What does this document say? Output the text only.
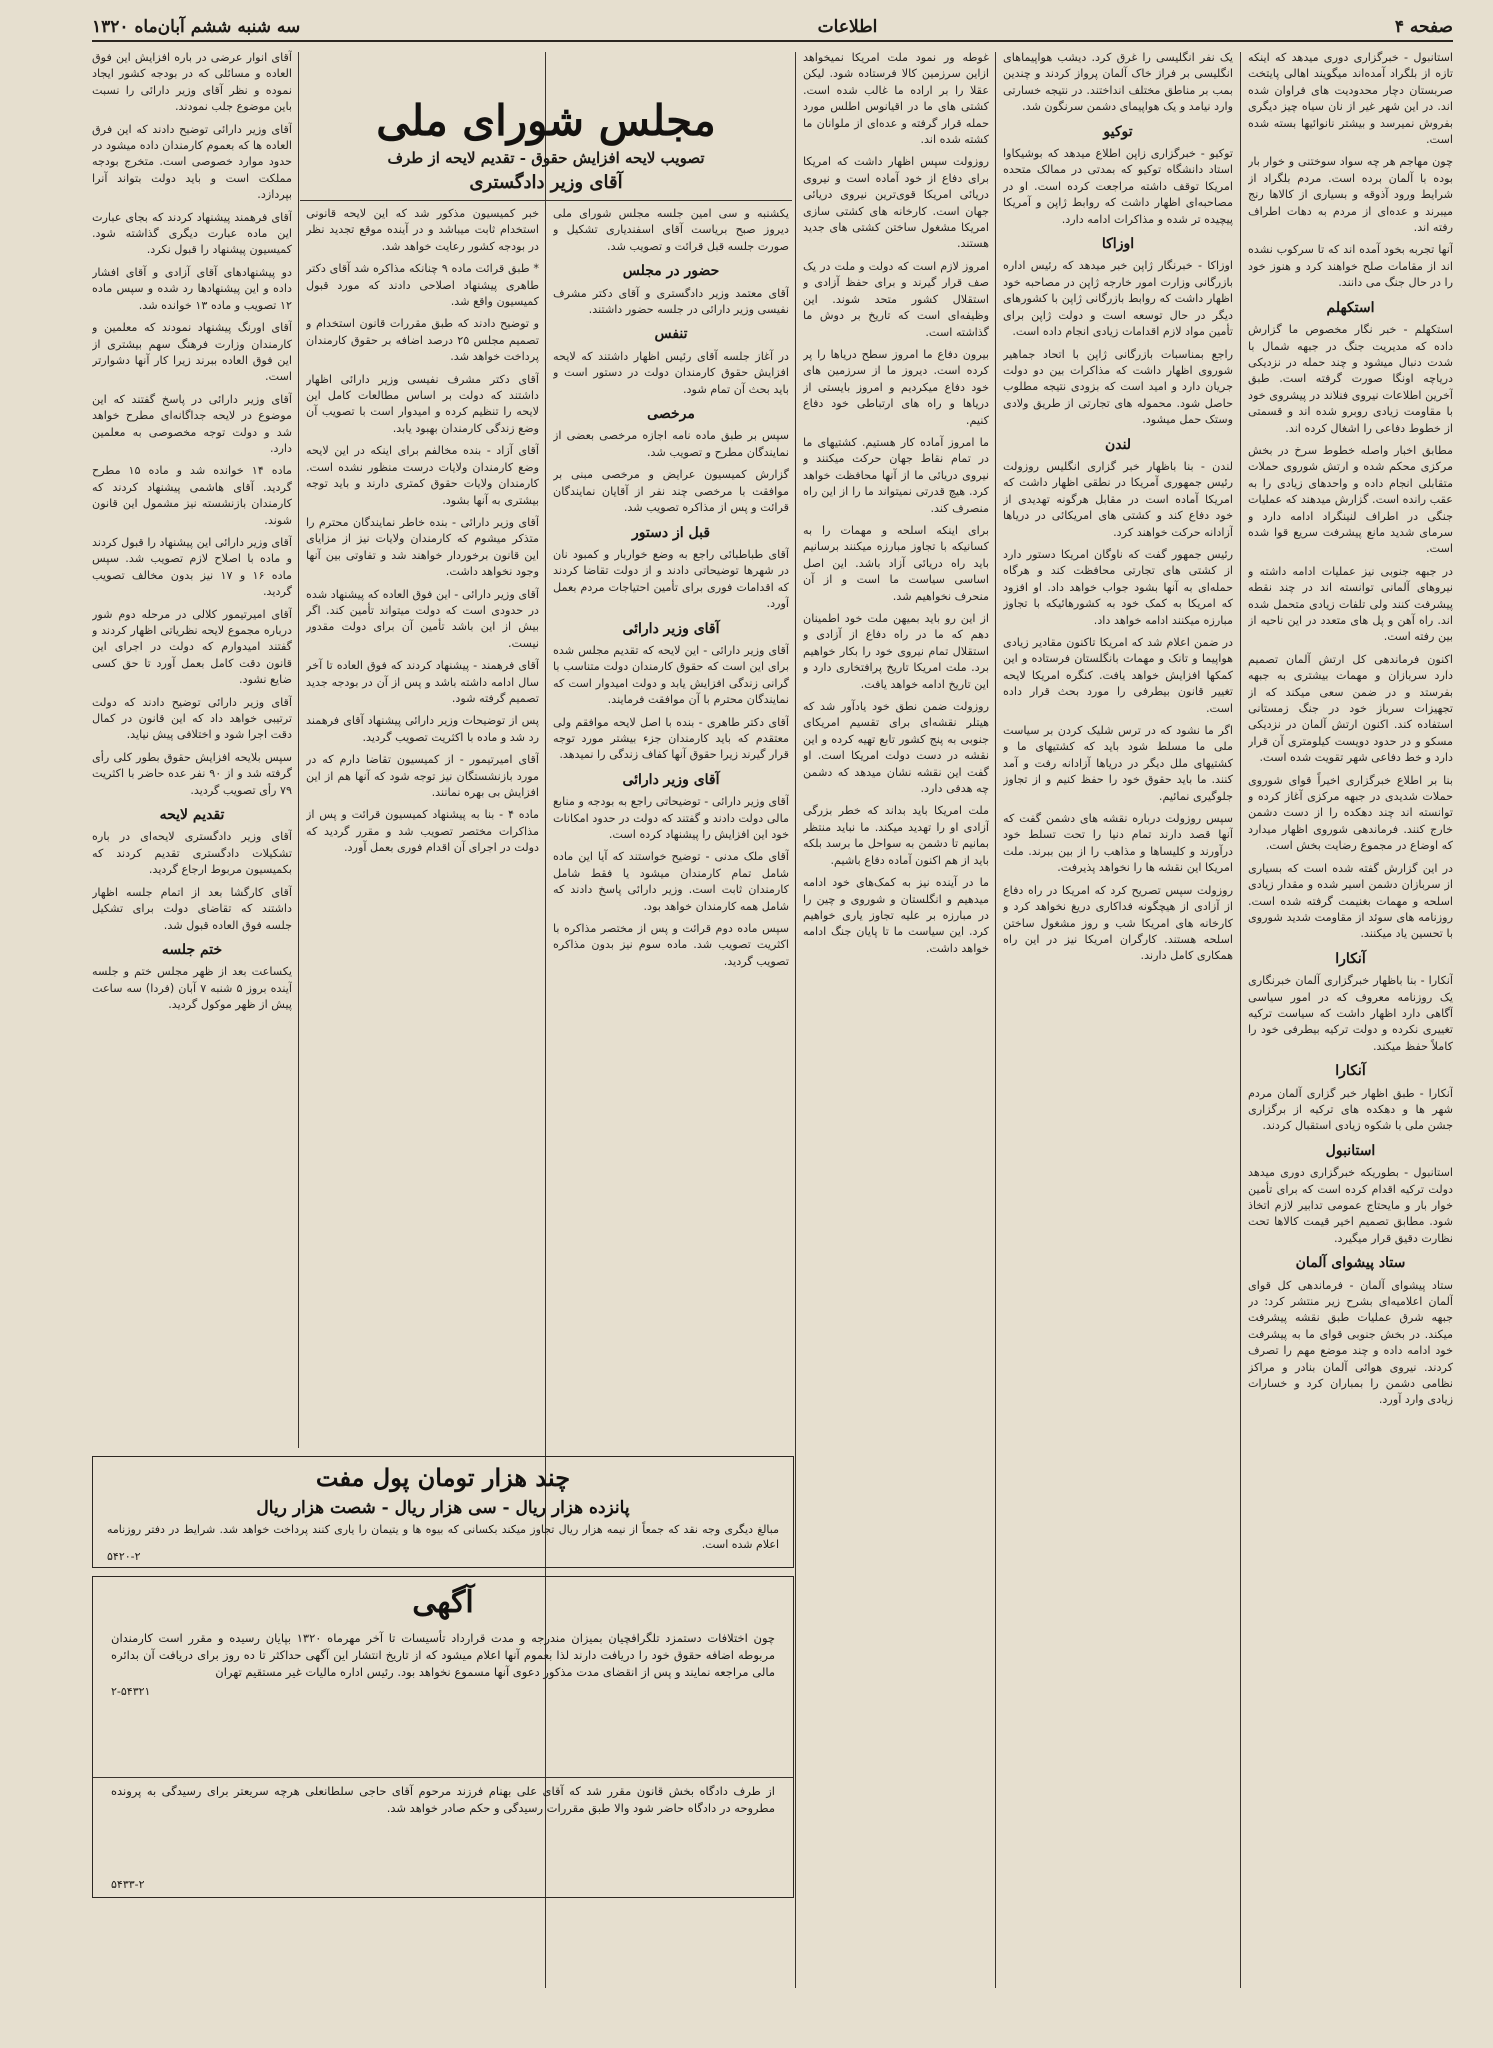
صفحه ۴
اطلاعات
سه شنبه ششم آبان‌ماه ۱۳۲۰

استانبول - خبرگزاری دوری میدهد که اینکه تازه از بلگراد آمده‌اند میگویند اهالی پایتخت صربستان دچار محدودیت های فراوان شده اند. در این شهر غیر از نان سیاه چیز دیگری بفروش نمیرسد و بیشتر نانوائیها بسته شده است.

چون مهاجم هر چه سواد سوختنی و خوار بار بوده با آلمان برده است. مردم بلگراد از شرایط ورود آذوقه و بسیاری از کالاها رنج میبرند و عده‌ای از مردم به دهات اطراف رفته اند.

آنها تجربه بخود آمده اند که تا سرکوب نشده اند از مقامات صلح خواهند کرد و هنوز خود را در حال جنگ می دانند.

استکهلم

استکهلم - خبر نگار مخصوص ما گزارش داده که مدیریت جنگ در جبهه شمال با شدت دنبال میشود و چند حمله در نزدیکی دریاچه اونگا صورت گرفته است. طبق آخرین اطلاعات نیروی فنلاند در پیشروی خود با مقاومت زیادی روبرو شده اند و قسمتی از خطوط دفاعی را اشغال کرده اند.

مطابق اخبار واصله خطوط سرخ در بخش مرکزی محکم شده و ارتش شوروی حملات متقابلی انجام داده و واحدهای زیادی را به عقب رانده است. گزارش میدهند که عملیات جنگی در اطراف لنینگراد ادامه دارد و سرمای شدید مانع پیشرفت سریع قوا شده است.

در جبهه جنوبی نیز عملیات ادامه داشته و نیروهای آلمانی توانسته اند در چند نقطه پیشرفت کنند ولی تلفات زیادی متحمل شده اند. راه آهن و پل های متعدد در این ناحیه از بین رفته است.

اکنون فرماندهی کل ارتش آلمان تصمیم دارد سربازان و مهمات بیشتری به جبهه بفرستد و در ضمن سعی میکند که از تجهیزات سرباز خود در جنگ زمستانی استفاده کند. اکنون ارتش آلمان در نزدیکی مسکو و در حدود دویست کیلومتری آن قرار دارد و خط دفاعی شهر تقویت شده است.

بنا بر اطلاع خبرگزاری اخیراً قوای شوروی حملات شدیدی در جبهه مرکزی آغاز کرده و توانسته اند چند دهکده را از دست دشمن خارج کنند. فرماندهی شوروی اظهار میدارد که اوضاع در مجموع رضایت بخش است.

در این گزارش گفته شده است که بسیاری از سربازان دشمن اسیر شده و مقدار زیادی اسلحه و مهمات بغنیمت گرفته شده است. روزنامه های سوئد از مقاومت شدید شوروی با تحسین یاد میکنند.

آنکارا

آنکارا - بنا باظهار خبرگزاری آلمان خبرنگاری یک روزنامه معروف که در امور سیاسی آگاهی دارد اظهار داشت که سیاست ترکیه تغییری نکرده و دولت ترکیه بیطرفی خود را کاملاً حفظ میکند.

آنکارا

آنکارا - طبق اظهار خبر گزاری آلمان مردم شهر ها و دهکده های ترکیه از برگزاری جشن ملی با شکوه زیادی استقبال کردند.

استانبول

استانبول - بطوریکه خبرگزاری دوری میدهد دولت ترکیه اقدام کرده است که برای تأمین خوار بار و مایحتاج عمومی تدابیر لازم اتخاذ شود. مطابق تصمیم اخیر قیمت کالاها تحت نظارت دقیق قرار میگیرد.

ستاد پیشوای آلمان

ستاد پیشوای آلمان - فرماندهی کل قوای آلمان اعلامیه‌ای بشرح زیر منتشر کرد: در جبهه شرق عملیات طبق نقشه پیشرفت میکند. در بخش جنوبی قوای ما به پیشرفت خود ادامه داده و چند موضع مهم را تصرف کردند. نیروی هوائی آلمان بنادر و مراکز نظامی دشمن را بمباران کرد و خسارات زیادی وارد آورد.

یک نفر انگلیسی را غرق کرد. دیشب هواپیماهای انگلیسی بر فراز خاک آلمان پرواز کردند و چندین بمب بر مناطق مختلف انداختند. در نتیجه خسارتی وارد نیامد و یک هواپیمای دشمن سرنگون شد.

توکیو

توکیو - خبرگزاری زاپن اطلاع میدهد که بوشیکاوا استاد دانشگاه توکیو که بمدتی در ممالک متحده امریکا توقف داشته مراجعت کرده است. او در مصاحبه‌ای اظهار داشت که روابط ژاپن و آمریکا پیچیده تر شده و مذاکرات ادامه دارد.

اوزاکا

اوزاکا - خبرنگار ژاپن خبر میدهد که رئیس اداره بازرگانی وزارت امور خارجه ژاپن در مصاحبه خود اظهار داشت که روابط بازرگانی ژاپن با کشورهای دیگر در حال توسعه است و دولت ژاپن برای تأمین مواد لازم اقدامات زیادی انجام داده است.

راجع بمناسبات بازرگانی ژاپن با اتحاد جماهیر شوروی اظهار داشت که مذاکرات بین دو دولت جریان دارد و امید است که بزودی نتیجه مطلوب حاصل شود. محموله های تجارتی از طریق ولادی وستک حمل میشود.

لندن

لندن - بنا باظهار خبر گزاری انگلیس روزولت رئیس جمهوری آمریکا در نطقی اظهار داشت که امریکا آماده است در مقابل هرگونه تهدیدی از خود دفاع کند و کشتی های امریکائی در دریاها آزادانه حرکت خواهند کرد.

رئیس جمهور گفت که ناوگان امریکا دستور دارد از کشتی های تجارتی محافظت کند و هرگاه حمله‌ای به آنها بشود جواب خواهد داد. او افزود که امریکا به کمک خود به کشورهائیکه با تجاوز مبارزه میکنند ادامه خواهد داد.

در ضمن اعلام شد که امریکا تاکنون مقادیر زیادی هواپیما و تانک و مهمات بانگلستان فرستاده و این کمکها افزایش خواهد یافت. کنگره امریکا لایحه تغییر قانون بیطرفی را مورد بحث قرار داده است.

اگر ما نشود که در ترس شلیک کردن بر سیاست ملی ما مسلط شود باید که کشتیهای ما و کشتیهای ملل دیگر در دریاها آزادانه رفت و آمد کنند. ما باید حقوق خود را حفظ کنیم و از تجاوز جلوگیری نمائیم.

سپس روزولت درباره نقشه های دشمن گفت که آنها قصد دارند تمام دنیا را تحت تسلط خود درآورند و کلیساها و مذاهب را از بین ببرند. ملت امریکا این نقشه ها را نخواهد پذیرفت.

روزولت سپس تصریح کرد که امریکا در راه دفاع از آزادی از هیچگونه فداکاری دریغ نخواهد کرد و کارخانه های امریکا شب و روز مشغول ساختن اسلحه هستند. کارگران امریکا نیز در این راه همکاری کامل دارند.

غوطه ور نمود ملت امریکا نمیخواهد ازاین سرزمین کالا فرستاده شود. لیکن عقلا را بر اراده ما غالب شده است. کشتی های ما در اقیانوس اطلس مورد حمله قرار گرفته و عده‌ای از ملوانان ما کشته شده اند.

روزولت سپس اظهار داشت که امریکا برای دفاع از خود آماده است و نیروی دریائی امریکا قوی‌ترین نیروی دریائی جهان است. کارخانه های کشتی سازی امریکا مشغول ساختن کشتی های جدید هستند.

امروز لازم است که دولت و ملت در یک صف قرار گیرند و برای حفظ آزادی و استقلال کشور متحد شوند. این وظیفه‌ای است که تاریخ بر دوش ما گذاشته است.

بیرون دفاع ما امروز سطح دریاها را پر کرده است. دیروز ما از سرزمین های خود دفاع میکردیم و امروز بایستی از دریاها و راه های ارتباطی خود دفاع کنیم.

ما امروز آماده کار هستیم. کشتیهای ما در تمام نقاط جهان حرکت میکنند و نیروی دریائی ما از آنها محافظت خواهد کرد. هیچ قدرتی نمیتواند ما را از این راه منصرف کند.

برای اینکه اسلحه و مهمات را به کسانیکه با تجاوز مبارزه میکنند برسانیم باید راه دریائی آزاد باشد. این اصل اساسی سیاست ما است و از آن منحرف نخواهیم شد.

از این رو باید بمیهن ملت خود اطمینان دهم که ما در راه دفاع از آزادی و استقلال تمام نیروی خود را بکار خواهیم برد. ملت امریکا تاریخ پرافتخاری دارد و این تاریخ ادامه خواهد یافت.

روزولت ضمن نطق خود یادآور شد که هیتلر نقشه‌ای برای تقسیم امریکای جنوبی به پنج کشور تابع تهیه کرده و این نقشه در دست دولت امریکا است. او گفت این نقشه نشان میدهد که دشمن چه هدفی دارد.

ملت امریکا باید بداند که خطر بزرگی آزادی او را تهدید میکند. ما نباید منتظر بمانیم تا دشمن به سواحل ما برسد بلکه باید از هم اکنون آماده دفاع باشیم.

ما در آینده نیز به کمک‌های خود ادامه میدهیم و انگلستان و شوروی و چین را در مبارزه بر علیه تجاوز یاری خواهیم کرد. این سیاست ما تا پایان جنگ ادامه خواهد داشت.

مجلس شورای ملی
تصویب لایحه افزایش حقوق - تقدیم لایحه از طرف
آقای وزیر دادگستری

یکشنبه و سی امین جلسه مجلس شورای ملی دیروز صبح بریاست آقای اسفندیاری تشکیل و صورت جلسه قبل قرائت و تصویب شد.

حضور در مجلس

آقای معتمد وزیر دادگستری و آقای دکتر مشرف نفیسی وزیر دارائی در جلسه حضور داشتند.

تنفس

در آغاز جلسه آقای رئیس اظهار داشتند که لایحه افزایش حقوق کارمندان دولت در دستور است و باید بحث آن تمام شود.

مرخصی

سپس بر طبق ماده نامه اجازه مرخصی بعضی از نمایندگان مطرح و تصویب شد.

گزارش کمیسیون عرایض و مرخصی مبنی بر موافقت با مرخصی چند نفر از آقایان نمایندگان قرائت و پس از مذاکره تصویب شد.

قبل از دستور

آقای طباطبائی راجع به وضع خواربار و کمبود نان در شهرها توضیحاتی دادند و از دولت تقاضا کردند که اقدامات فوری برای تأمین احتیاجات مردم بعمل آورد.

آقای وزیر دارائی

آقای وزیر دارائی - این لایحه که تقدیم مجلس شده برای این است که حقوق کارمندان دولت متناسب با گرانی زندگی افزایش یابد و دولت امیدوار است که نمایندگان محترم با آن موافقت فرمایند.

آقای دکتر طاهری - بنده با اصل لایحه موافقم ولی معتقدم که باید کارمندان جزء بیشتر مورد توجه قرار گیرند زیرا حقوق آنها کفاف زندگی را نمیدهد.

آقای وزیر دارائی

آقای وزیر دارائی - توضیحاتی راجع به بودجه و منابع مالی دولت دادند و گفتند که دولت در حدود امکانات خود این افزایش را پیشنهاد کرده است.

آقای ملک مدنی - توضیح خواستند که آیا این ماده شامل تمام کارمندان میشود یا فقط شامل کارمندان ثابت است. وزیر دارائی پاسخ دادند که شامل همه کارمندان خواهد بود.

سپس ماده دوم قرائت و پس از مختصر مذاکره با اکثریت تصویب شد. ماده سوم نیز بدون مذاکره تصویب گردید.

خبر کمیسیون مذکور شد که این لایحه قانونی استخدام ثابت میباشد و در آینده موقع تجدید نظر در بودجه کشور رعایت خواهد شد.

* طبق قرائت ماده ۹ چنانکه مذاکره شد آقای دکتر طاهری پیشنهاد اصلاحی دادند که مورد قبول کمیسیون واقع شد.

و توضیح دادند که طبق مقررات قانون استخدام و تصمیم مجلس ۲۵ درصد اضافه بر حقوق کارمندان پرداخت خواهد شد.

آقای دکتر مشرف نفیسی وزیر دارائی اظهار داشتند که دولت بر اساس مطالعات کامل این لایحه را تنظیم کرده و امیدوار است با تصویب آن وضع زندگی کارمندان بهبود یابد.

آقای آزاد - بنده مخالفم برای اینکه در این لایحه وضع کارمندان ولایات درست منظور نشده است. کارمندان ولایات حقوق کمتری دارند و باید توجه بیشتری به آنها بشود.

آقای وزیر دارائی - بنده خاطر نمایندگان محترم را متذکر میشوم که کارمندان ولایات نیز از مزایای این قانون برخوردار خواهند شد و تفاوتی بین آنها وجود نخواهد داشت.

آقای وزیر دارائی - این فوق العاده که پیشنهاد شده در حدودی است که دولت میتواند تأمین کند. اگر بیش از این باشد تأمین آن برای دولت مقدور نیست.

آقای فرهمند - پیشنهاد کردند که فوق العاده تا آخر سال ادامه داشته باشد و پس از آن در بودجه جدید تصمیم گرفته شود.

پس از توضیحات وزیر دارائی پیشنهاد آقای فرهمند رد شد و ماده با اکثریت تصویب گردید.

آقای امیرتیمور - از کمیسیون تقاضا دارم که در مورد بازنشستگان نیز توجه شود که آنها هم از این افزایش بی بهره نمانند.

ماده ۴ - بنا به پیشنهاد کمیسیون قرائت و پس از مذاکرات مختصر تصویب شد و مقرر گردید که دولت در اجرای آن اقدام فوری بعمل آورد.

آقای انوار عرضی در باره افزایش این فوق العاده و مسائلی که در بودجه کشور ایجاد نموده و نظر آقای وزیر دارائی را نسبت باین موضوع جلب نمودند.

آقای وزیر دارائی توضیح دادند که این فرق العاده ها که بعموم کارمندان داده میشود در حدود موارد خصوصی است. متخرج بودجه مملکت است و باید دولت بتواند آنرا بپردازد.

آقای فرهمند پیشنهاد کردند که بجای عبارت این ماده عبارت دیگری گذاشته شود. کمیسیون پیشنهاد را قبول نکرد.

دو پیشنهادهای آقای آزادی و آقای افشار داده و این پیشنهادها رد شده و سپس ماده ۱۲ تصویب و ماده ۱۳ خوانده شد.

آقای اورنگ پیشنهاد نمودند که معلمین و کارمندان وزارت فرهنگ سهم بیشتری از این فوق العاده ببرند زیرا کار آنها دشوارتر است.

آقای وزیر دارائی در پاسخ گفتند که این موضوع در لایحه جداگانه‌ای مطرح خواهد شد و دولت توجه مخصوصی به معلمین دارد.

ماده ۱۴ خوانده شد و ماده ۱۵ مطرح گردید. آقای هاشمی پیشنهاد کردند که کارمندان بازنشسته نیز مشمول این قانون شوند.

آقای وزیر دارائی این پیشنهاد را قبول کردند و ماده با اصلاح لازم تصویب شد. سپس ماده ۱۶ و ۱۷ نیز بدون مخالف تصویب گردید.

آقای امیرتیمور کلالی در مرحله دوم شور درباره مجموع لایحه نظریاتی اظهار کردند و گفتند امیدوارم که دولت در اجرای این قانون دقت کامل بعمل آورد تا حق کسی ضایع نشود.

آقای وزیر دارائی توضیح دادند که دولت ترتیبی خواهد داد که این قانون در کمال دقت اجرا شود و اختلافی پیش نیاید.

سپس بلایحه افزایش حقوق بطور کلی رأی گرفته شد و از ۹۰ نفر عده حاضر با اکثریت ۷۹ رأی تصویب گردید.

تقدیم لایحه

آقای وزیر دادگستری لایحه‌ای در باره تشکیلات دادگستری تقدیم کردند که بکمیسیون مربوط ارجاع گردید.

آقای کارگشا بعد از اتمام جلسه اظهار داشتند که تقاضای دولت برای تشکیل جلسه فوق العاده قبول شد.

ختم جلسه

یکساعت بعد از ظهر مجلس ختم و جلسه آینده بروز ۵ شنبه ۷ آبان (فردا) سه ساعت پیش از ظهر موکول گردید.

چند هزار تومان پول مفت
پانزده هزار ریال - سی هزار ریال - شصت هزار ریال
مبالغ دیگری وجه نقد که جمعاً از نیمه هزار ریال تجاوز میکند بکسانی که بیوه ها و یتیمان را یاری کنند پرداخت خواهد شد. شرایط در دفتر روزنامه اعلام شده است.
۵۴۲۰-۲
آگهی
چون اختلافات دستمزد تلگرافچیان بمیزان مندرجه و مدت قرارداد تأسیسات تا آخر مهرماه ۱۳۲۰ بپایان رسیده و مقرر است کارمندان مربوطه اضافه حقوق خود را دریافت دارند لذا بعموم آنها اعلام میشود که از تاریخ انتشار این آگهی حداکثر تا ده روز برای دریافت آن بدائره مالی مراجعه نمایند و پس از انقضای مدت مذکور دعوی آنها مسموع نخواهد بود. رئیس اداره مالیات غیر مستقیم تهران
۲-۵۴۳۲۱
از طرف دادگاه بخش قانون مقرر شد که آقای علی بهنام فرزند مرحوم آقای حاجی سلطانعلی هرچه سریعتر برای رسیدگی به پرونده مطروحه در دادگاه حاضر شود والا طبق مقررات رسیدگی و حکم صادر خواهد شد.
۵۴۳۳-۲
